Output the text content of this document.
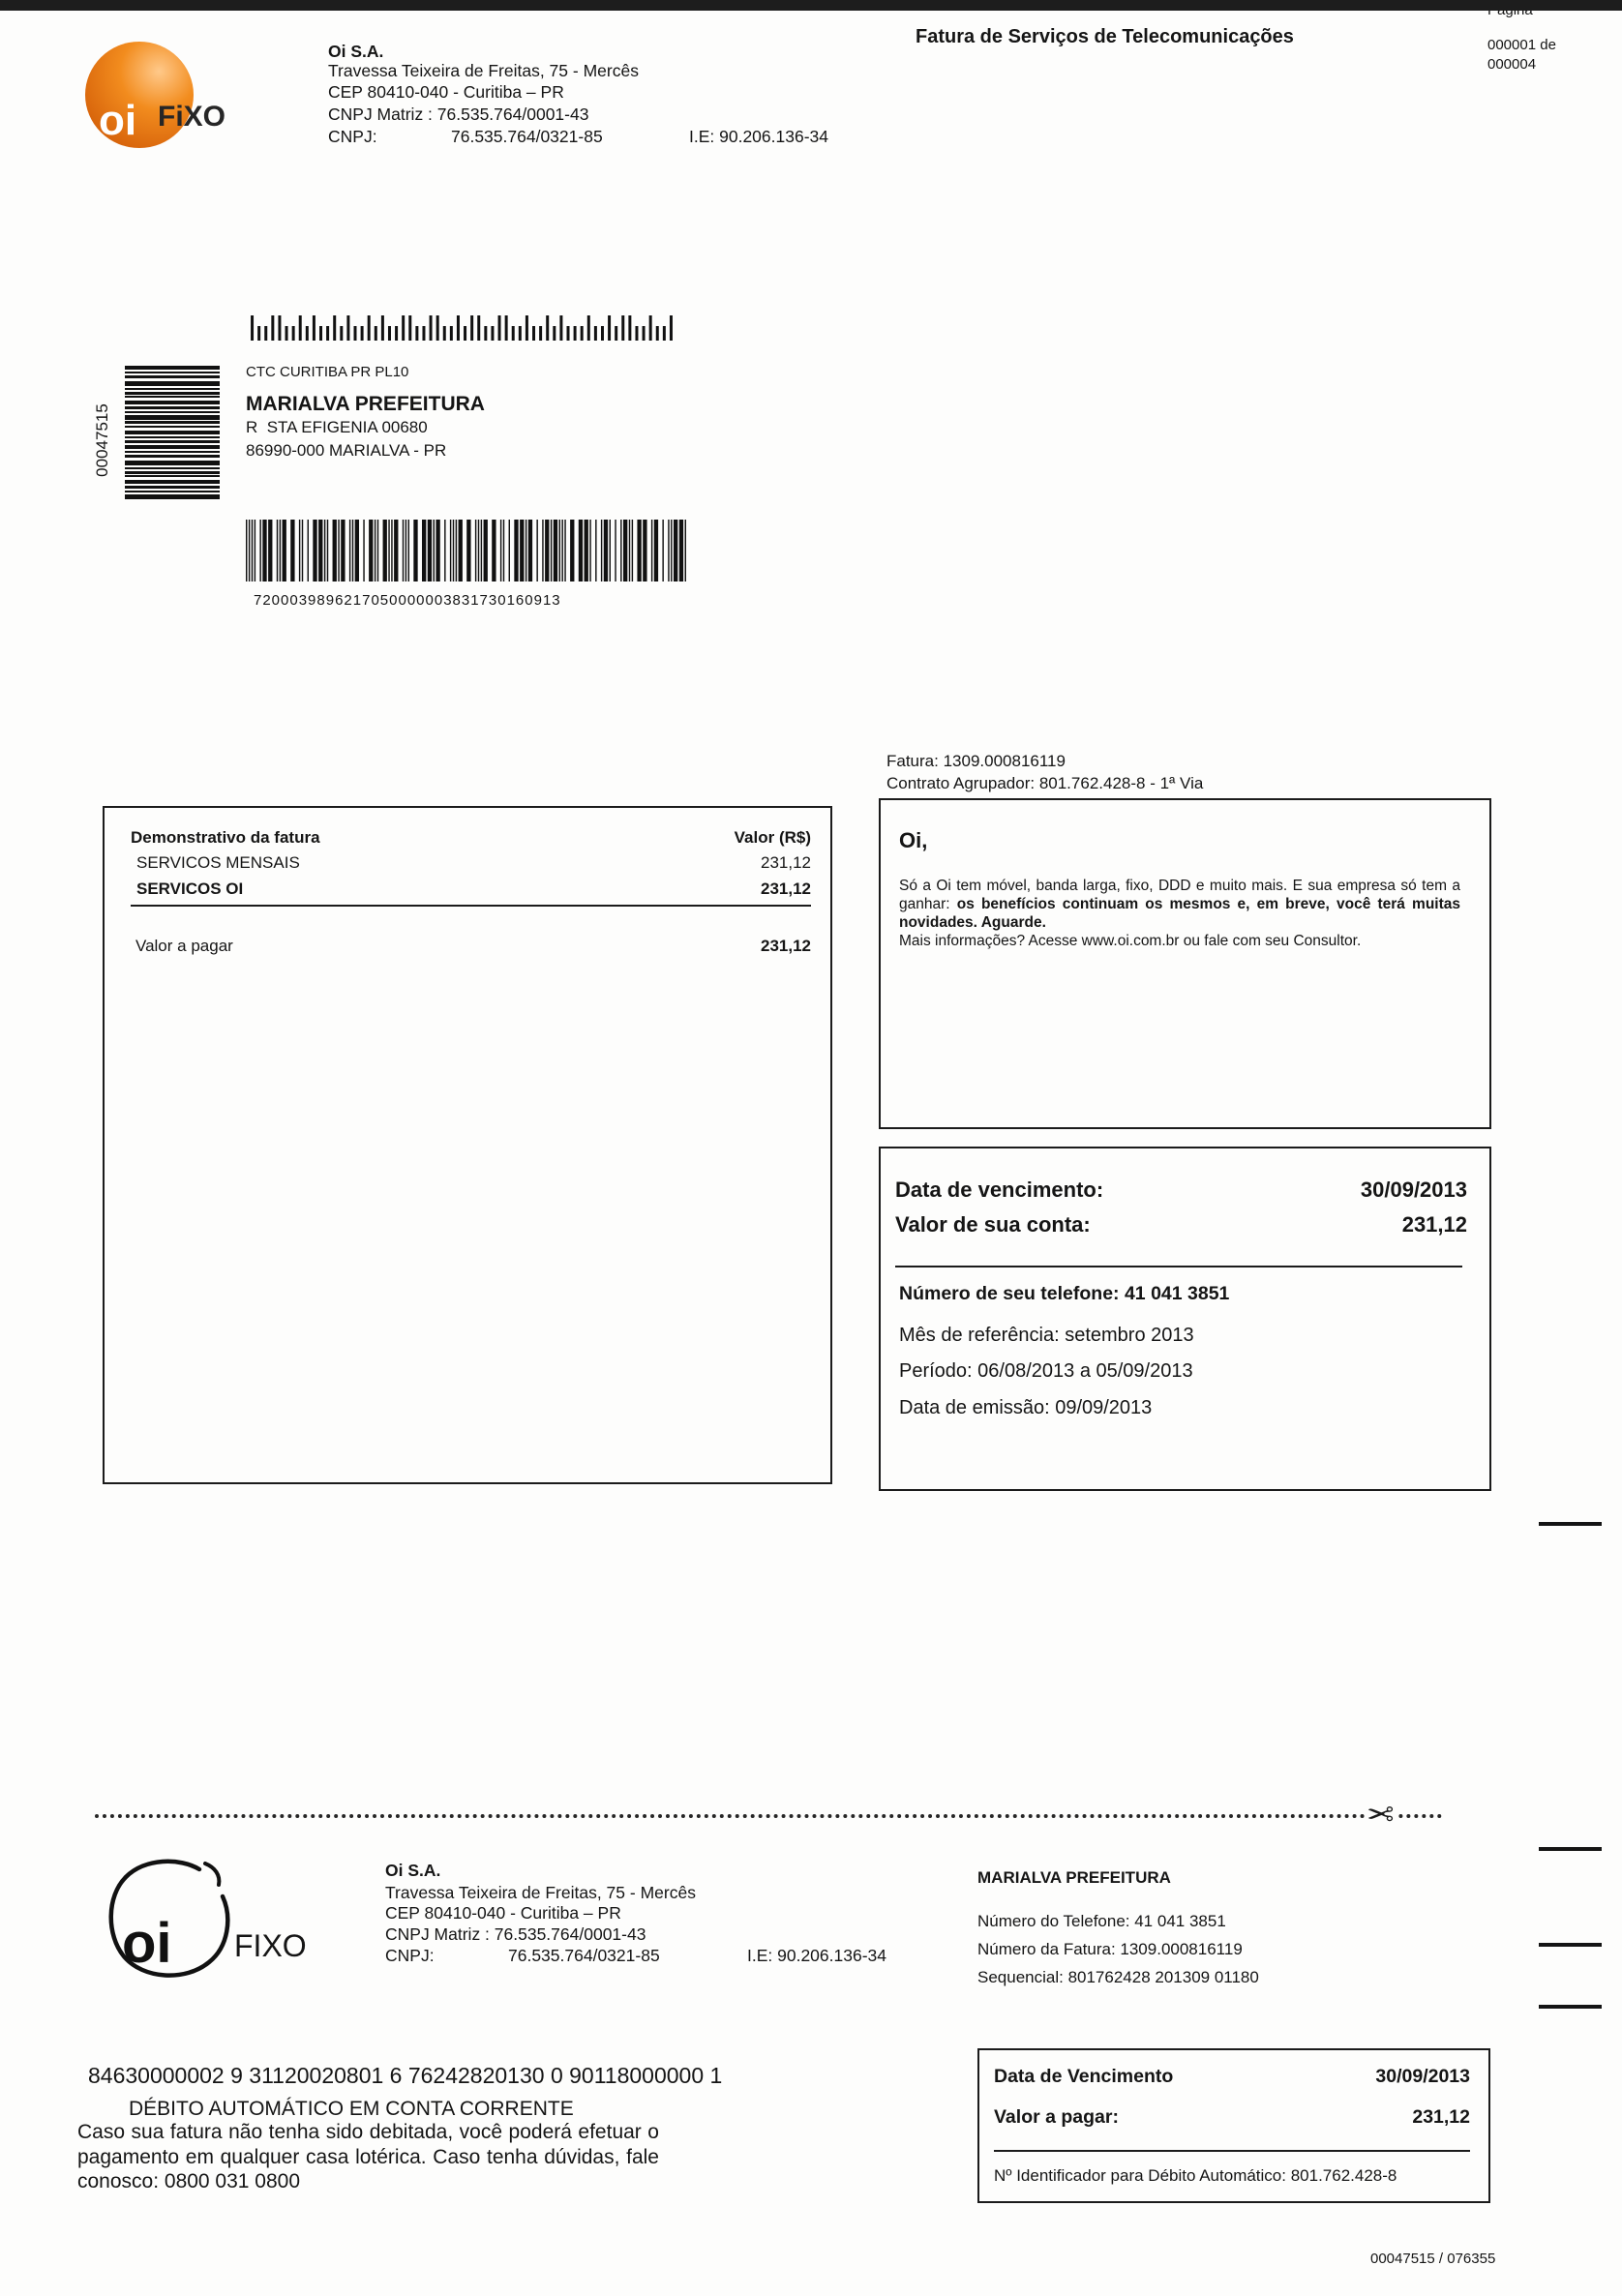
oi FiXO
Oi S.A.
Travessa Teixeira de Freitas, 75 - Mercês
CEP 80410-040 - Curitiba – PR
CNPJ Matriz : 76.535.764/0001-43
CNPJ:	76.535.764/0321-85	I.E: 90.206.136-34
Fatura de Serviços de Telecomunicações	000001 de
000004
00047515
CTC CURITIBA PR PL10
MARIALVA PREFEITURA
R  STA EFIGENIA 00680
86990-000 MARIALVA - PR
7200039896217050000003831730160913
Fatura: 1309.000816119
Contrato Agrupador: 801.762.428-8 - 1ª Via
Demonstrativo da fatura	Valor (R$)
SERVICOS MENSAIS	231,12
SERVICOS OI	231,12
Valor a pagar	231,12
Oi,

Só a Oi tem móvel, banda larga, fixo, DDD e muito mais. E sua empresa só tem a ganhar: os benefícios continuam os mesmos e, em breve, você terá muitas novidades. Aguarde.

Mais informações? Acesse www.oi.com.br ou fale com seu Consultor.
Data de vencimento:	30/09/2013
Valor de sua conta:	231,12
Número de seu telefone: 41 041 3851
Mês de referência: setembro 2013
Período: 06/08/2013 a 05/09/2013
Data de emissão: 09/09/2013
✂
oi FIXO
Oi S.A.
Travessa Teixeira de Freitas, 75 - Mercês
CEP 80410-040 - Curitiba – PR
CNPJ Matriz : 76.535.764/0001-43
CNPJ:	76.535.764/0321-85	I.E: 90.206.136-34
MARIALVA PREFEITURA
Número do Telefone: 41 041 3851
Número da Fatura: 1309.000816119
Sequencial: 801762428 201309 01180
84630000002 9 31120020801 6 76242820130 0 90118000000 1
DÉBITO AUTOMÁTICO EM CONTA CORRENTE

Caso sua fatura não tenha sido debitada, você poderá efetuar o pagamento em qualquer casa lotérica. Caso tenha dúvidas, fale conosco: 0800 031 0800

Data de Vencimento	30/09/2013
Valor a pagar:	231,12
Nº Identificador para Débito Automático: 801.762.428-8
00047515 / 076355
